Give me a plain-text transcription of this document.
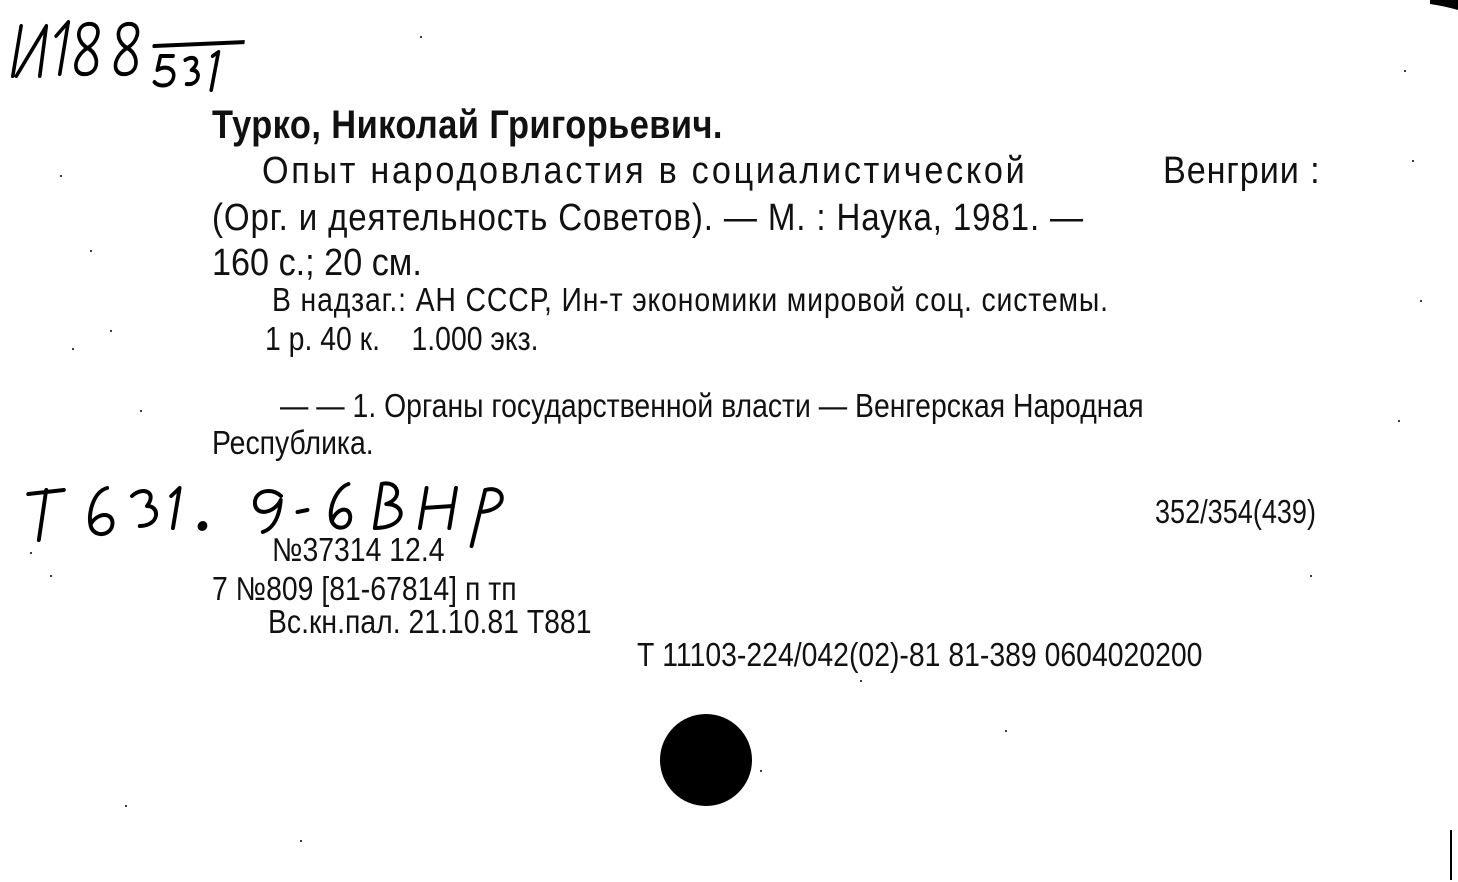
Турко, Николай Григорьевич.
Опыт народовластия в социалистической	Венгрии :
(Орг. и деятельность Советов). — М. : Наука, 1981. —
160 с.; 20 см.
В надзаг.: АН СССР, Ин-т экономики мировой соц. системы.
1 р. 40 к.    1.000 экз.
— — 1. Органы государственной власти — Венгерская Народная
Республика.
352/354(439)
№37314 12.4
7 №809 [81-67814] п тп
Вс.кн.пал. 21.10.81 Т881
Т 11103-224/042(02)-81 81-389 0604020200
